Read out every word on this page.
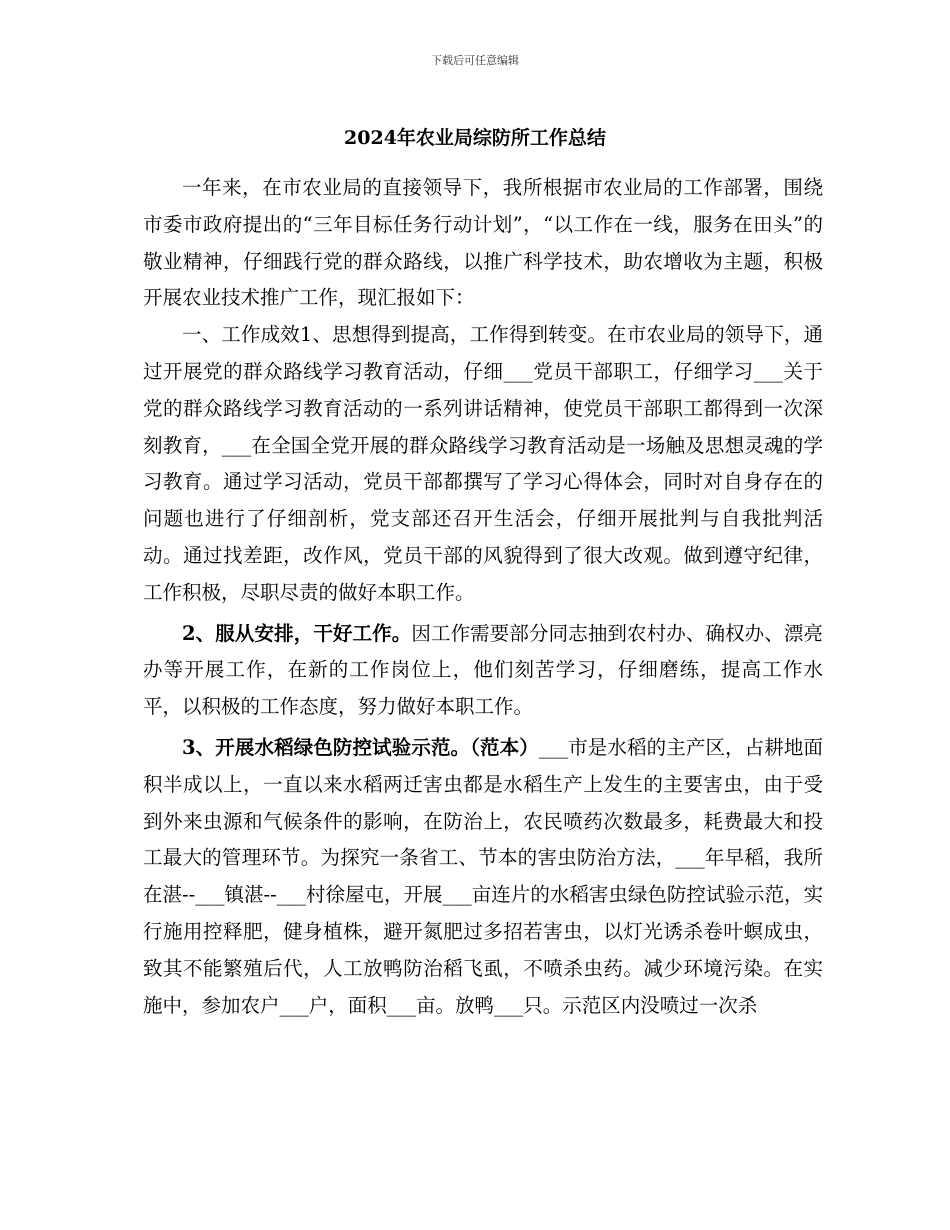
下载后可任意编辑
2024年农业局综防所工作总结

一年来，在市农业局的直接领导下，我所根据市农业局的工作部署，围绕市委市政府提出的“三年目标任务行动计划”，“以工作在一线，服务在田头”的敬业精神，仔细践行党的群众路线，以推广科学技术，助农增收为主题，积极开展农业技术推广工作，现汇报如下：

一、工作成效1、思想得到提高，工作得到转变。在市农业局的领导下，通过开展党的群众路线学习教育活动，仔细___党员干部职工，仔细学习___关于党的群众路线学习教育活动的一系列讲话精神，使党员干部职工都得到一次深刻教育，___在全国全党开展的群众路线学习教育活动是一场触及思想灵魂的学习教育。通过学习活动，党员干部都撰写了学习心得体会，同时对自身存在的问题也进行了仔细剖析，党支部还召开生活会，仔细开展批判与自我批判活动。通过找差距，改作风，党员干部的风貌得到了很大改观。做到遵守纪律，工作积极，尽职尽责的做好本职工作。

2、服从安排，干好工作。因工作需要部分同志抽到农村办、确权办、漂亮办等开展工作，在新的工作岗位上，他们刻苦学习，仔细磨练，提高工作水平，以积极的工作态度，努力做好本职工作。

3、开展水稻绿色防控试验示范。（范本）___市是水稻的主产区，占耕地面积半成以上，一直以来水稻两迁害虫都是水稻生产上发生的主要害虫，由于受到外来虫源和气候条件的影响，在防治上，农民喷药次数最多，耗费最大和投工最大的管理环节。为探究一条省工、节本的害虫防治方法，___年早稻，我所在湛--___镇湛--___村徐屋屯，开展___亩连片的水稻害虫绿色防控试验示范，实行施用控释肥，健身植株，避开氮肥过多招若害虫，以灯光诱杀卷叶螟成虫，致其不能繁殖后代，人工放鸭防治稻飞虱，不喷杀虫药。减少环境污染。在实施中，参加农户___户，面积___亩。放鸭___只。示范区内没喷过一次杀
